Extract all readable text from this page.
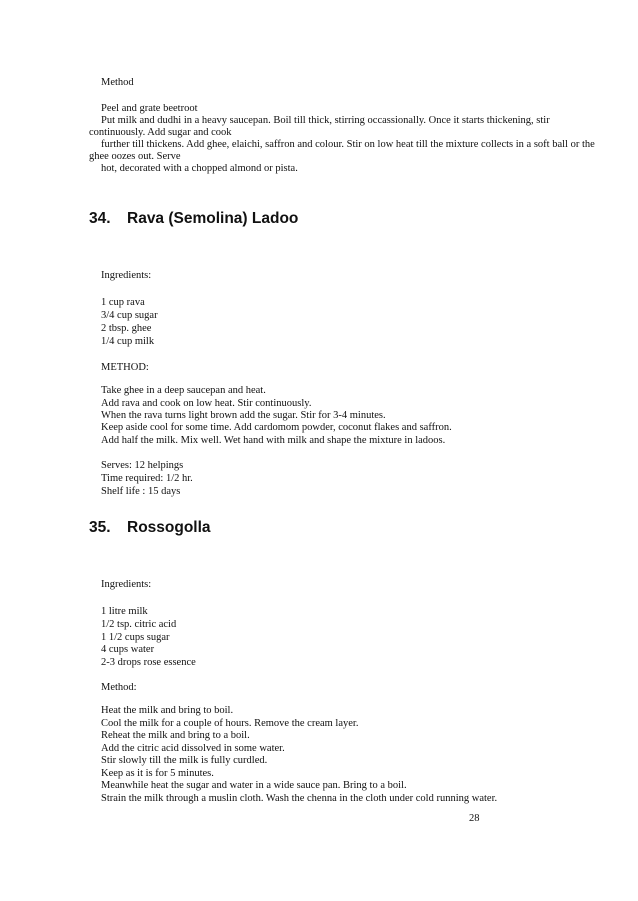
Method
Peel and grate beetroot
Put milk and dudhi in a heavy saucepan. Boil till thick, stirring occassionally. Once it starts thickening, stir
continuously. Add sugar and cook
further till thickens. Add ghee, elaichi, saffron and colour. Stir on low heat till the mixture collects in a soft ball or the
ghee oozes out. Serve
hot, decorated with a chopped almond or pista.
34. Rava (Semolina) Ladoo
Ingredients:
1 cup rava
3/4 cup sugar
2 tbsp. ghee
1/4 cup milk
METHOD:
Take ghee in a deep saucepan and heat.
Add rava and cook on low heat. Stir continuously.
When the rava turns light brown add the sugar. Stir for 3-4 minutes.
Keep aside cool for some time. Add cardomom powder, coconut flakes and saffron.
Add half the milk. Mix well. Wet hand with milk and shape the mixture in ladoos.
Serves: 12 helpings
Time required: 1/2 hr.
Shelf life : 15 days
35. Rossogolla
Ingredients:
1 litre milk
1/2 tsp. citric acid
1 1/2 cups sugar
4 cups water
2-3 drops rose essence
Method:
Heat the milk and bring to boil.
Cool the milk for a couple of hours. Remove the cream layer.
Reheat the milk and bring to a boil.
Add the citric acid dissolved in some water.
Stir slowly till the milk is fully curdled.
Keep as it is for 5 minutes.
Meanwhile heat the sugar and water in a wide sauce pan. Bring to a boil.
Strain the milk through a muslin cloth. Wash the chenna in the cloth under cold running water.
28
